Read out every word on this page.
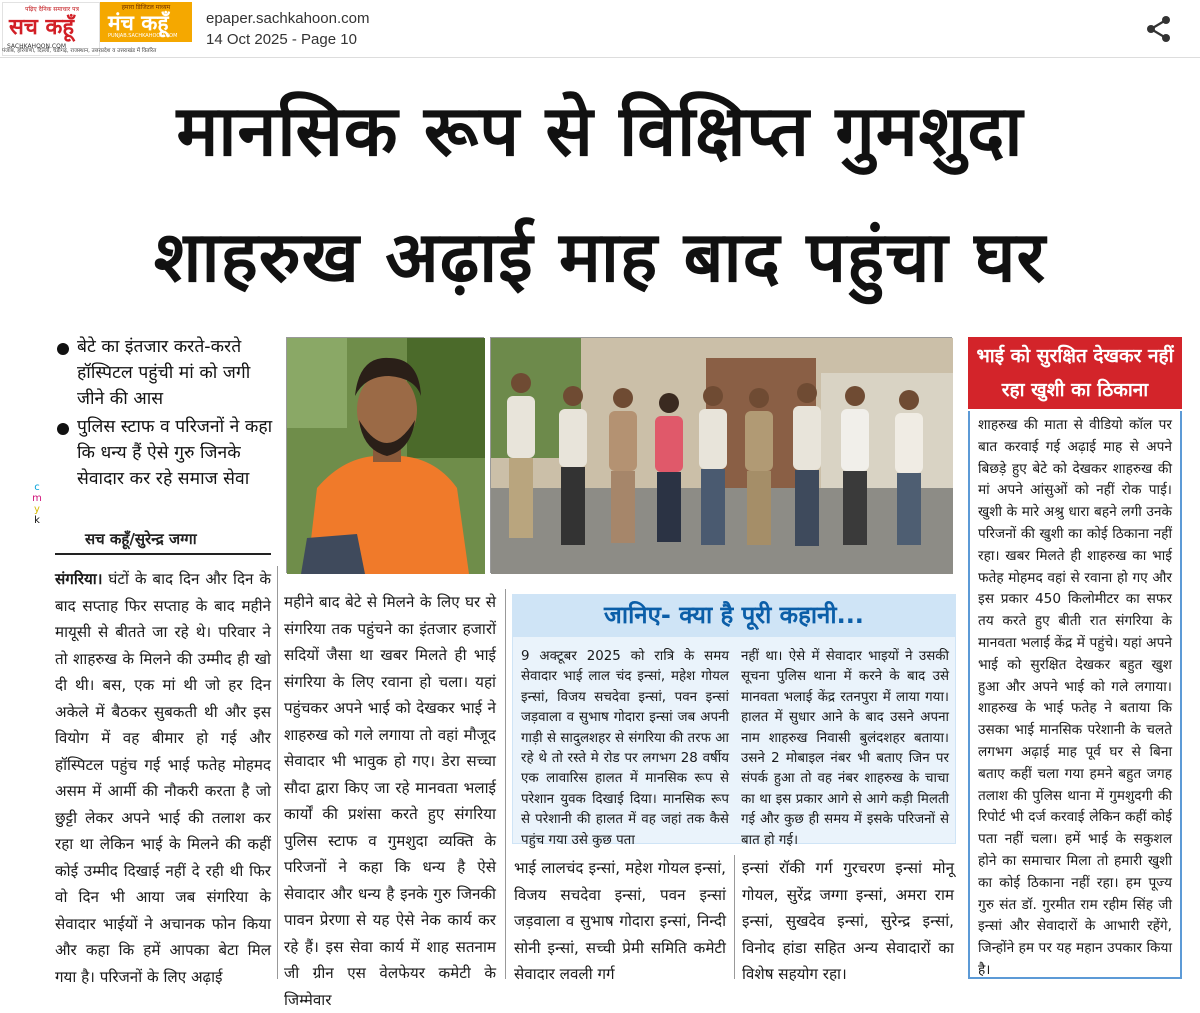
पढ़िए दैनिक समाचार पत्र
सच कहूँ
SACHKAHOON.COM
हमारा डिजिटल माध्यम
मंच कहूँ
PUNJAB.SACHKAHOON.COM
पंजाब, हरियाणा, दिल्ली, चंडीगढ़, राजस्थान, उत्तरप्रदेश व उत्तराखंड में वितरित
epaper.sachkahoon.com
14 Oct 2025 - Page 10
मानसिक रूप से विक्षिप्त गुमशुदा
शाहरुख अढ़ाई माह बाद पहुंचा घर
बेटे का इंतजार करते-करते हॉस्पिटल पहुंची मां को जगी जीने की आस
पुलिस स्टाफ व परिजनों ने कहा कि धन्य हैं ऐसे गुरु जिनके सेवादार कर रहे समाज सेवा
सच कहूँ/सुरेन्द्र जग्गा
c
m
y
k
संगरिया। घंटों के बाद दिन और दिन के बाद सप्ताह फिर सप्ताह के बाद महीने मायूसी से बीतते जा रहे थे। परिवार ने तो शाहरुख के मिलने की उम्मीद ही खो दी थी। बस, एक मां थी जो हर दिन अकेले में बैठकर सुबकती थी और इस वियोग में वह बीमार हो गई और हॉस्पिटल पहुंच गई भाई फतेह मोहमद असम में आर्मी की नौकरी करता है जो छुट्टी लेकर अपने भाई की तलाश कर रहा था लेकिन भाई के मिलने की कहीं कोई उम्मीद दिखाई नहीं दे रही थी फिर वो दिन भी आया जब संगरिया के सेवादार भाईयों ने अचानक फोन किया और कहा कि हमें आपका बेटा मिल गया है। परिजनों के लिए अढ़ाई
महीने बाद बेटे से मिलने के लिए घर से संगरिया तक पहुंचने का इंतजार हजारों सदियों जैसा था खबर मिलते ही भाई संगरिया के लिए रवाना हो चला। यहां पहुंचकर अपने भाई को देखकर भाई ने शाहरुख को गले लगाया तो वहां मौजूद सेवादार भी भावुक हो गए। डेरा सच्चा सौदा द्वारा किए जा रहे मानवता भलाई कार्यों की प्रशंसा करते हुए संगरिया पुलिस स्टाफ व गुमशुदा व्यक्ति के परिजनों ने कहा कि धन्य है ऐसे सेवादार और धन्य है इनके गुरु जिनकी पावन प्रेरणा से यह ऐसे नेक कार्य कर रहे हैं। इस सेवा कार्य में शाह सतनाम जी ग्रीन एस वेलफेयर कमेटी के जिम्मेवार
जानिए- क्या है पूरी कहानी...
9 अक्टूबर 2025 को रात्रि के समय सेवादार भाई लाल चंद इन्सां, महेश गोयल इन्सां, विजय सचदेवा इन्सां, पवन इन्सां जड़वाला व सुभाष गोदारा इन्सां जब अपनी गाड़ी से सादुलशहर से संगरिया की तरफ आ रहे थे तो रस्ते मे रोड पर लगभग 28 वर्षीय एक लावारिस हालत में मानसिक रूप से परेशान युवक दिखाई दिया। मानसिक रूप से परेशानी की हालत में वह जहां तक कैसे पहुंच गया उसे कुछ पता
नहीं था। ऐसे में सेवादार भाइयों ने उसकी सूचना पुलिस थाना में करने के बाद उसे मानवता भलाई केंद्र रतनपुरा में लाया गया। हालत में सुधार आने के बाद उसने अपना नाम शाहरुख निवासी बुलंदशहर बताया। उसने 2 मोबाइल नंबर भी बताए जिन पर संपर्क हुआ तो वह नंबर शाहरुख के चाचा का था इस प्रकार आगे से आगे कड़ी मिलती गई और कुछ ही समय में इसके परिजनों से बात हो गई।
भाई लालचंद इन्सां, महेश गोयल इन्सां, विजय सचदेवा इन्सां, पवन इन्सां जड़वाला व सुभाष गोदारा इन्सां, निन्दी सोनी इन्सां, सच्ची प्रेमी समिति कमेटी सेवादार लवली गर्ग
इन्सां रॉकी गर्ग गुरचरण इन्सां मोनू गोयल, सुरेंद्र जग्गा इन्सां, अमरा राम इन्सां, सुखदेव इन्सां, सुरेन्द्र इन्सां, विनोद हांडा सहित अन्य सेवादारों का विशेष सहयोग रहा।
भाई को सुरक्षित देखकर नहीं रहा खुशी का ठिकाना
शाहरुख की माता से वीडियो कॉल पर बात करवाई गई अढ़ाई माह से अपने बिछड़े हुए बेटे को देखकर शाहरुख की मां अपने आंसुओं को नहीं रोक पाई। खुशी के मारे अश्रु धारा बहने लगी उनके परिजनों की खुशी का कोई ठिकाना नहीं रहा। खबर मिलते ही शाहरुख का भाई फतेह मोहमद वहां से रवाना हो गए और इस प्रकार 450 किलोमीटर का सफर तय करते हुए बीती रात संगरिया के मानवता भलाई केंद्र में पहुंचे। यहां अपने भाई को सुरक्षित देखकर बहुत खुश हुआ और अपने भाई को गले लगाया। शाहरुख के भाई फतेह ने बताया कि उसका भाई मानसिक परेशानी के चलते लगभग अढ़ाई माह पूर्व घर से बिना बताए कहीं चला गया हमने बहुत जगह तलाश की पुलिस थाना में गुमशुदगी की रिपोर्ट भी दर्ज करवाई लेकिन कहीं कोई पता नहीं चला। हमें भाई के सकुशल होने का समाचार मिला तो हमारी खुशी का कोई ठिकाना नहीं रहा। हम पूज्य गुरु संत डॉ. गुरमीत राम रहीम सिंह जी इन्सां और सेवादारों के आभारी रहेंगे, जिन्होंने हम पर यह महान उपकार किया है।
